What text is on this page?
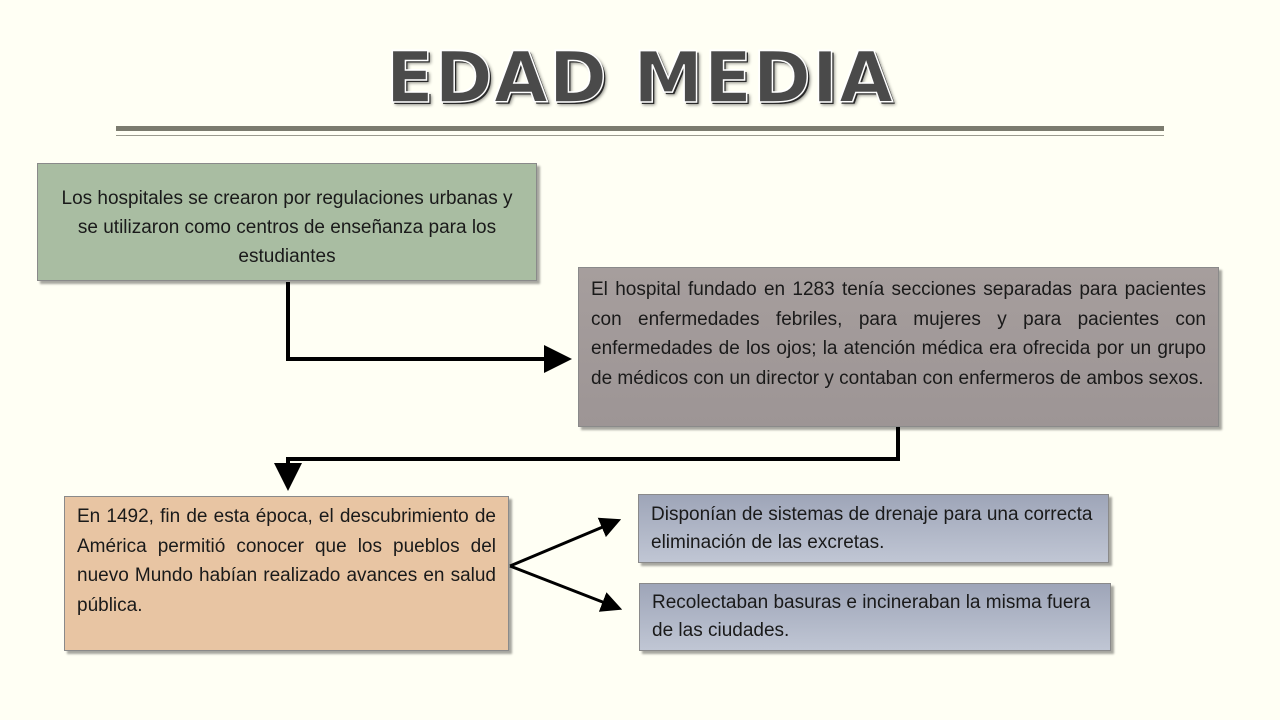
EDAD MEDIA
Los hospitales se crearon por regulaciones urbanas y se utilizaron como centros de enseñanza para los estudiantes
El hospital fundado en 1283 tenía secciones separadas para pacientes con enfermedades febriles, para mujeres y para pacientes con enfermedades de los ojos; la atención médica era ofrecida por un grupo de médicos con un director y contaban con enfermeros de ambos sexos.
En 1492, fin de esta época, el descubrimiento de América permitió conocer que los pueblos del nuevo Mundo habían realizado avances en salud pública.
Disponían de sistemas de drenaje para una correcta eliminación de las excretas.
Recolectaban basuras e incineraban la misma fuera de las ciudades.
